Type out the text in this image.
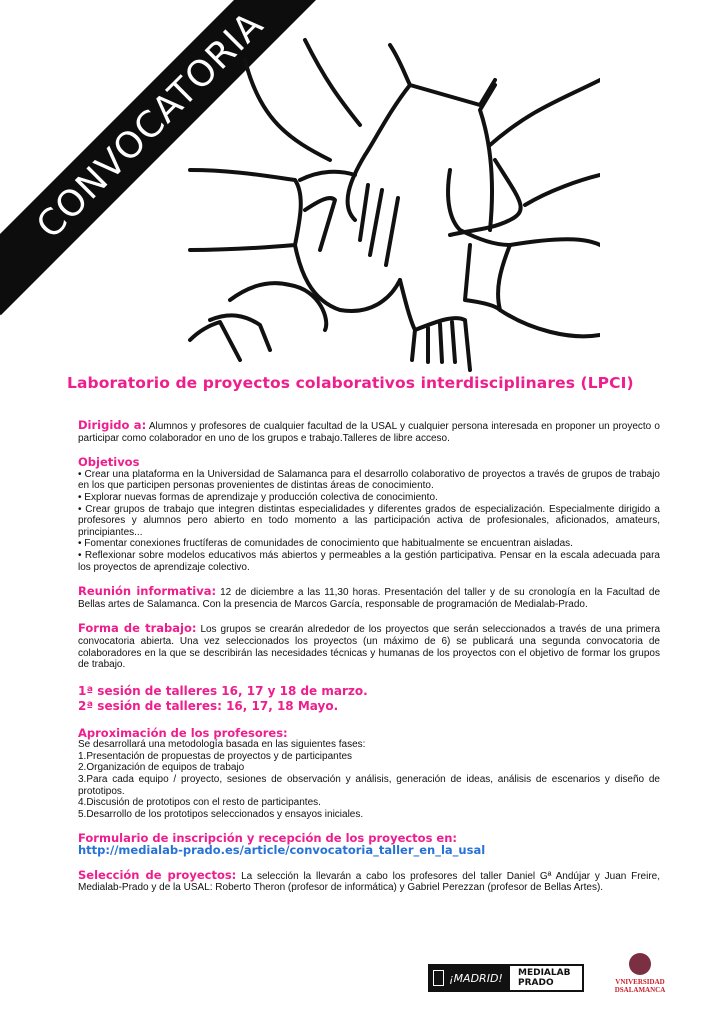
CONVOCATORIA
Laboratorio de proyectos colaborativos interdisciplinares (LPCI)
Dirigido a: Alumnos y profesores de cualquier facultad de la USAL y cualquier persona interesada en proponer un proyecto o participar como colaborador en uno de los grupos e trabajo.Talleres de libre acceso.
Objetivos
• Crear una plataforma en la Universidad de Salamanca para el desarrollo colaborativo de proyectos a través de grupos de trabajo en los que participen personas provenientes de distintas áreas de conocimiento.
• Explorar nuevas formas de aprendizaje y producción colectiva de conocimiento.
• Crear grupos de trabajo que integren distintas especialidades y diferentes grados de especialización. Especialmente dirigido a profesores y alumnos pero abierto en todo momento a las participación activa de profesionales, aficionados, amateurs, principiantes...
• Fomentar conexiones fructíferas de comunidades de conocimiento que habitualmente se encuentran aisladas.
• Reflexionar sobre modelos educativos más abiertos y permeables a la gestión participativa. Pensar en la escala adecuada para los proyectos de aprendizaje colectivo.
Reunión informativa: 12 de diciembre a las 11,30 horas. Presentación del taller y de su cronología en la Facultad de Bellas artes de Salamanca. Con la presencia de Marcos García, responsable de programación de Medialab-Prado.
Forma de trabajo: Los grupos se crearán alrededor de los proyectos que serán seleccionados a través de una primera convocatoria abierta. Una vez seleccionados los proyectos (un máximo de 6) se publicará una segunda convocatoria de colaboradores en la que se describirán las necesidades técnicas y humanas de los proyectos con el objetivo de formar los grupos de trabajo.
1ª sesión de talleres 16, 17 y 18 de marzo.
2ª sesión de talleres: 16, 17, 18 Mayo.
Aproximación de los profesores:
Se desarrollará una metodología basada en las siguientes fases:
1.Presentación de propuestas de proyectos y de participantes
2.Organización de equipos de trabajo
3.Para cada equipo / proyecto, sesiones de observación y análisis, generación de ideas, análisis de escenarios y diseño de prototipos.
4.Discusión de prototipos con el resto de participantes.
5.Desarrollo de los prototipos seleccionados y ensayos iniciales.
Formulario de inscripción y recepción de los proyectos en:
http://medialab-prado.es/article/convocatoria_taller_en_la_usal
Selección de proyectos: La selección la llevarán a cabo los profesores del taller Daniel Gª Andújar y Juan Freire, Medialab-Prado y de la USAL: Roberto Theron (profesor de informática) y Gabriel Perezzan (profesor de Bellas Artes).
¡MADRID! MEDIALAB
PRADO	VNIVERSIDAD
DSALAMANCA
